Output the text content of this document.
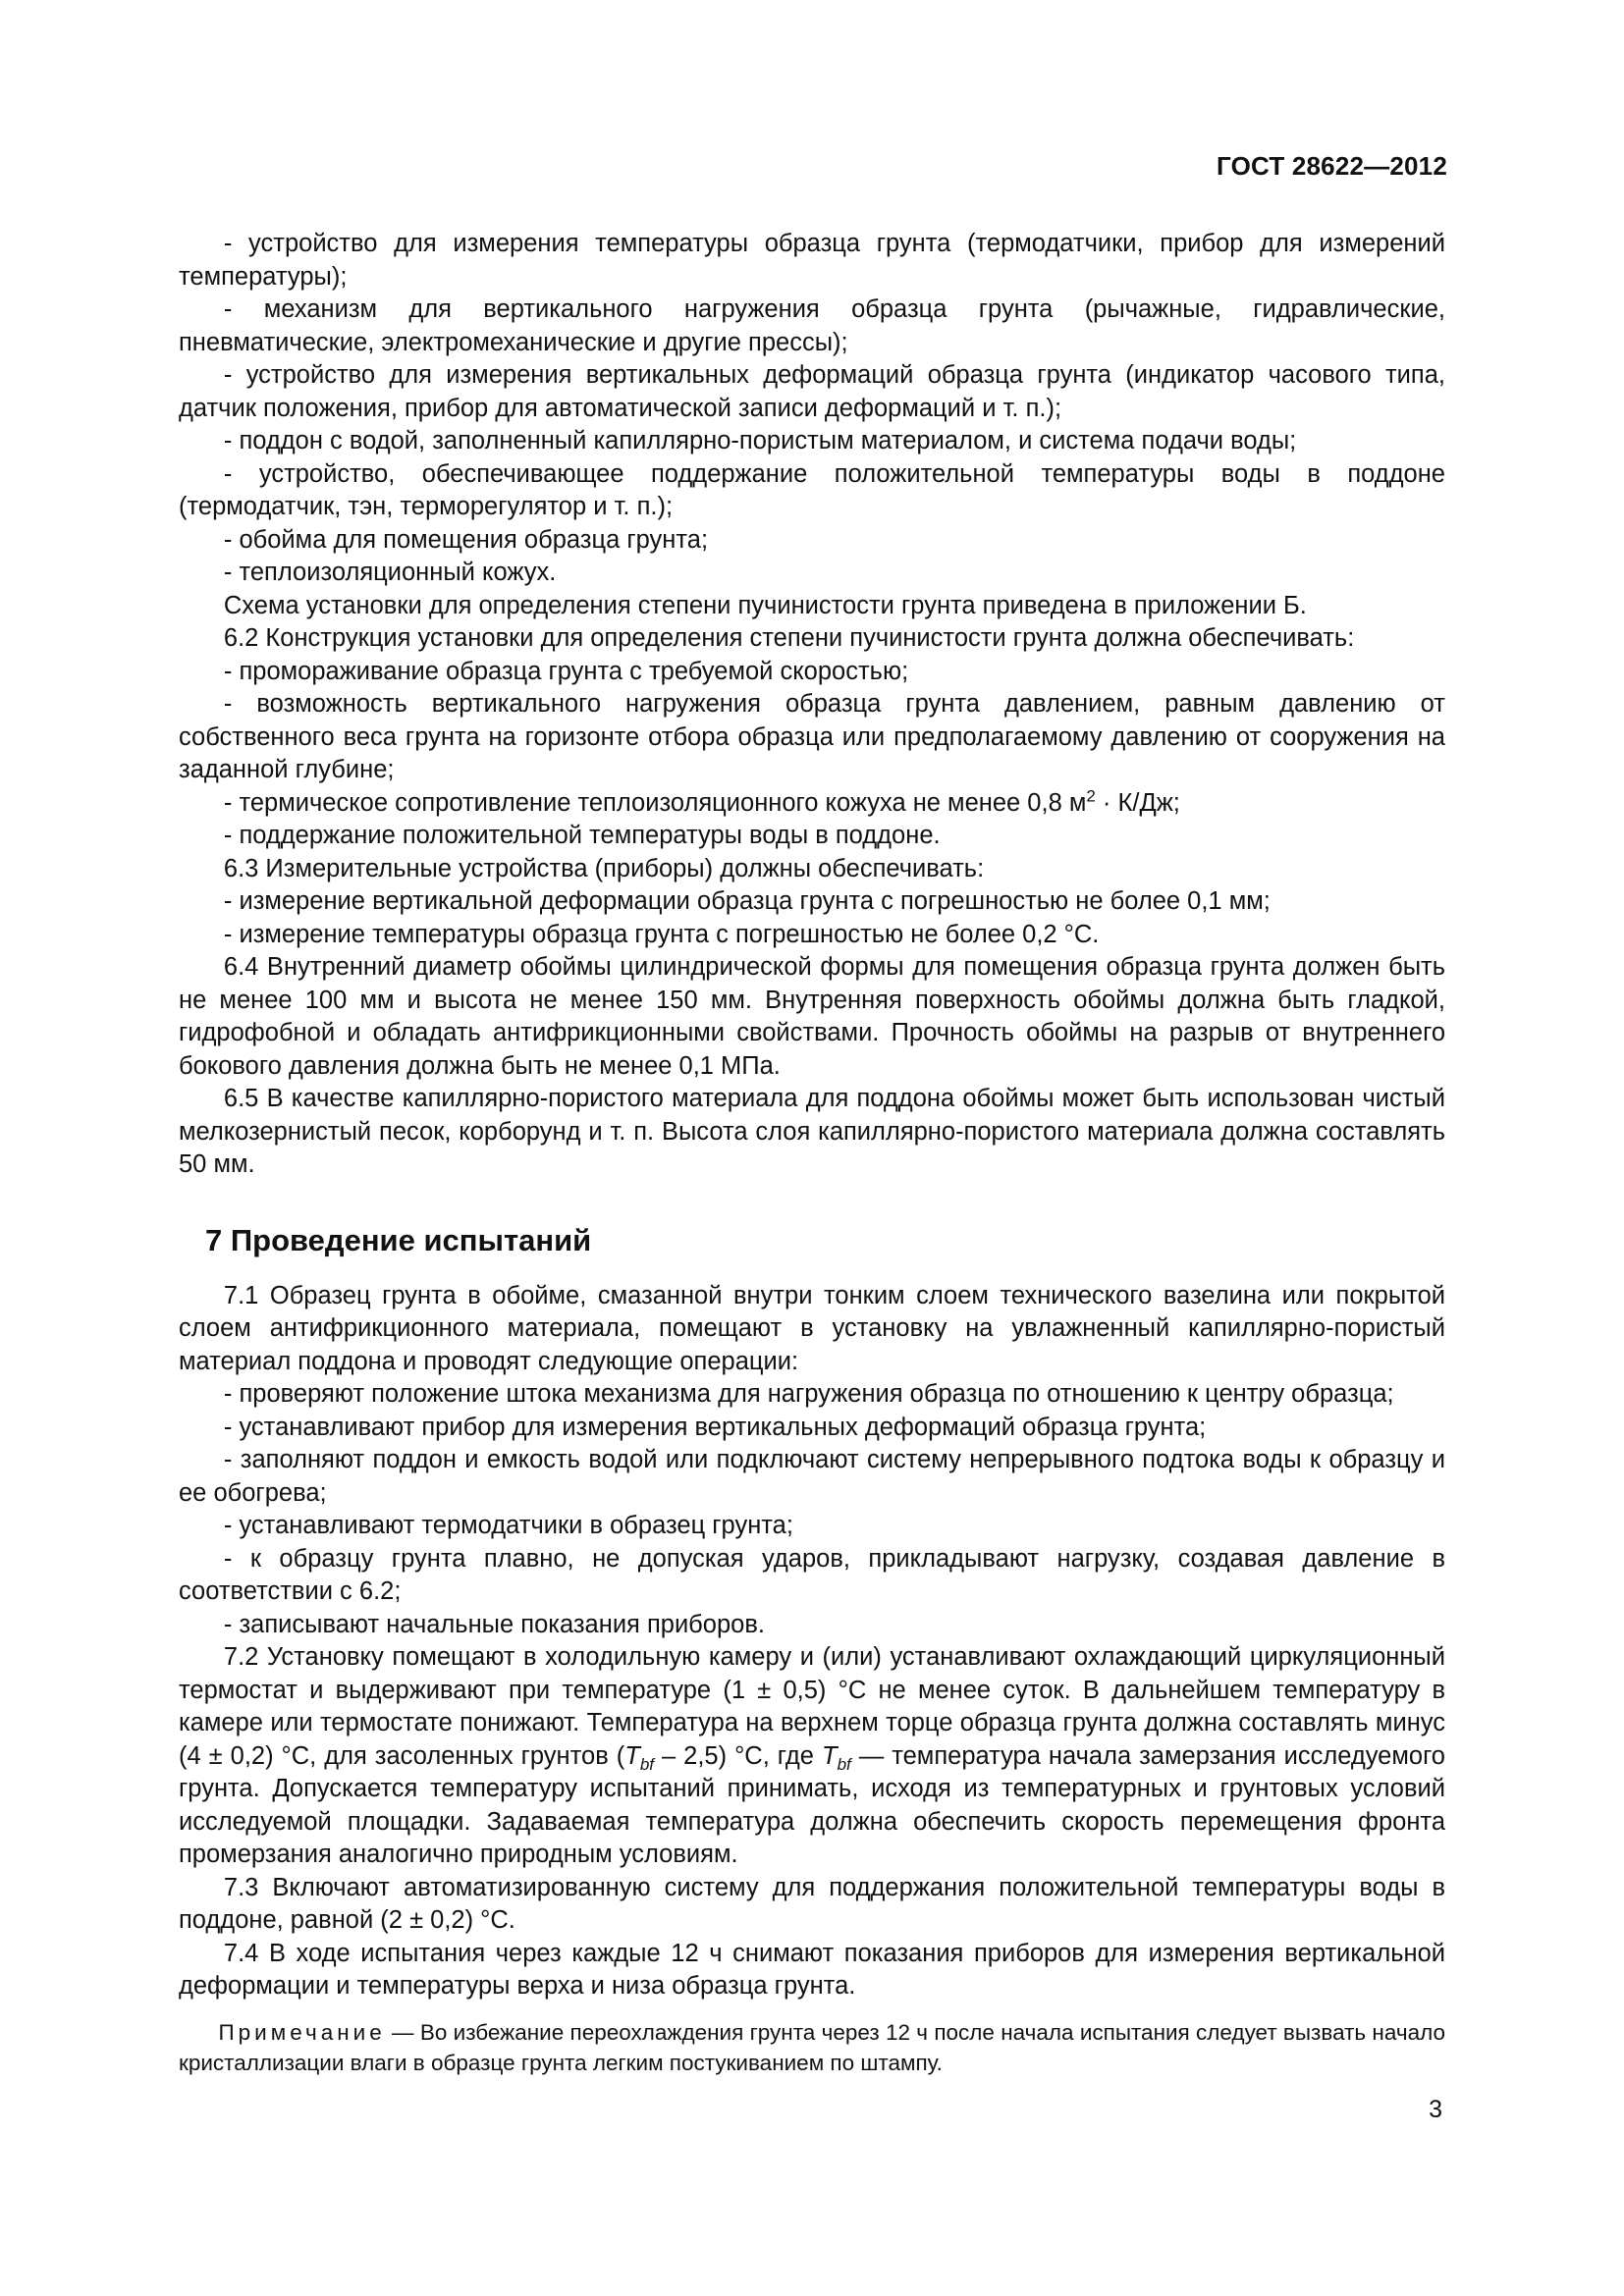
ГОСТ 28622—2012

- устройство для измерения температуры образца грунта (термодатчики, прибор для измерений температуры);

- механизм для вертикального нагружения образца грунта (рычажные, гидравлические, пневматические, электромеханические и другие прессы);

- устройство для измерения вертикальных деформаций образца грунта (индикатор часового типа, датчик положения, прибор для автоматической записи деформаций и т. п.);

- поддон с водой, заполненный капиллярно-пористым материалом, и система подачи воды;

- устройство, обеспечивающее поддержание положительной температуры воды в поддоне (термодатчик, тэн, терморегулятор и т. п.);

- обойма для помещения образца грунта;

- теплоизоляционный кожух.

Схема установки для определения степени пучинистости грунта приведена в приложении Б.

6.2 Конструкция установки для определения степени пучинистости грунта должна обеспечивать:

- промораживание образца грунта с требуемой скоростью;

- возможность вертикального нагружения образца грунта давлением, равным давлению от собственного веса грунта на горизонте отбора образца или предполагаемому давлению от сооружения на заданной глубине;

- термическое сопротивление теплоизоляционного кожуха не менее 0,8 $м^2 \cdot К/Дж$;

- поддержание положительной температуры воды в поддоне.

6.3 Измерительные устройства (приборы) должны обеспечивать:

- измерение вертикальной деформации образца грунта с погрешностью не более 0,1 мм;

- измерение температуры образца грунта с погрешностью не более 0,2 °С.

6.4 Внутренний диаметр обоймы цилиндрической формы для помещения образца грунта должен быть не менее 100 мм и высота не менее 150 мм. Внутренняя поверхность обоймы должна быть гладкой, гидрофобной и обладать антифрикционными свойствами. Прочность обоймы на разрыв от внутреннего бокового давления должна быть не менее 0,1 МПа.

6.5 В качестве капиллярно-пористого материала для поддона обоймы может быть использован чистый мелкозернистый песок, корборунд и т. п. Высота слоя капиллярно-пористого материала должна составлять 50 мм.

7 Проведение испытаний

7.1 Образец грунта в обойме, смазанной внутри тонким слоем технического вазелина или покрытой слоем антифрикционного материала, помещают в установку на увлажненный капиллярно-пористый материал поддона и проводят следующие операции:

- проверяют положение штока механизма для нагружения образца по отношению к центру образца;

- устанавливают прибор для измерения вертикальных деформаций образца грунта;

- заполняют поддон и емкость водой или подключают систему непрерывного подтока воды к образцу и ее обогрева;

- устанавливают термодатчики в образец грунта;

- к образцу грунта плавно, не допуская ударов, прикладывают нагрузку, создавая давление в соответствии с 6.2;

- записывают начальные показания приборов.

7.2 Установку помещают в холодильную камеру и (или) устанавливают охлаждающий циркуляционный термостат и выдерживают при температуре (1 ± 0,5) °С не менее суток. В дальнейшем температуру в камере или термостате понижают. Температура на верхнем торце образца грунта должна составлять минус (4 ± 0,2) °С, для засоленных грунтов $(T_{bf} - 2,5)$ °С, где $T_{bf}$ — температура начала замерзания исследуемого грунта. Допускается температуру испытаний принимать, исходя из температурных и грунтовых условий исследуемой площадки. Задаваемая температура должна обеспечить скорость перемещения фронта промерзания аналогично природным условиям.

7.3 Включают автоматизированную систему для поддержания положительной температуры воды в поддоне, равной (2 ± 0,2) °С.

7.4 В ходе испытания через каждые 12 ч снимают показания приборов для измерения вертикальной деформации и температуры верха и низа образца грунта.

Примечание — Во избежание переохлаждения грунта через 12 ч после начала испытания следует вызвать начало кристаллизации влаги в образце грунта легким постукиванием по штампу.
3
